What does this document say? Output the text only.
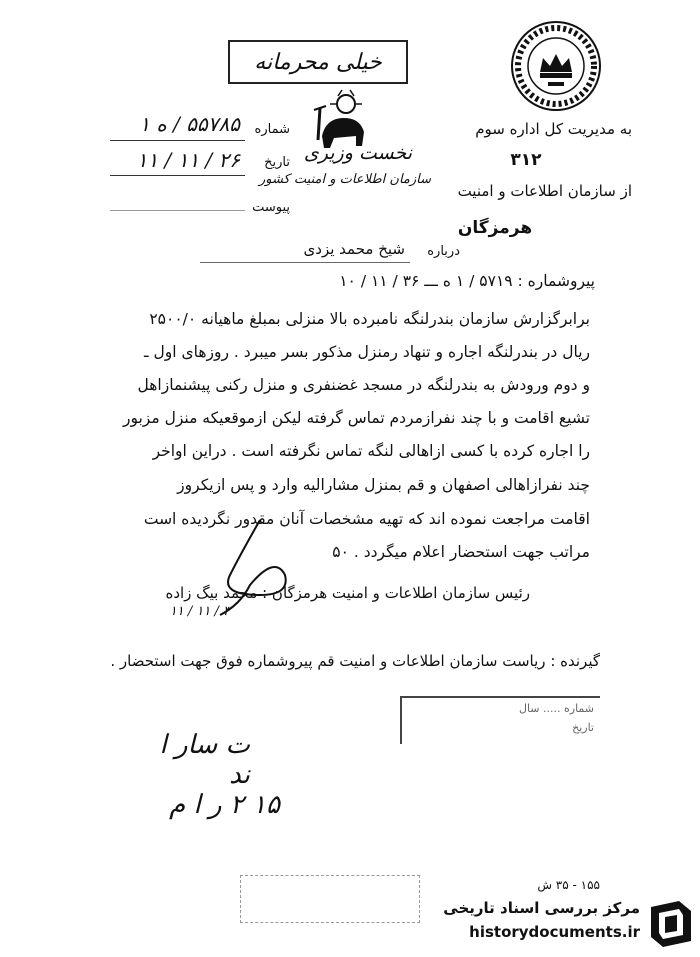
خیلی محرمانه
نخست وزیری
سازمان اطلاعات و امنیت کشور
شماره
۵۵۷۸۵ / ه ۱
تاریخ
۲۶ / ۱۱ / ۱۱
پیوست
به مدیریت کل اداره سوم
۳۱۲
از سازمان اطلاعات و امنیت
هرمزگان
درباره
شیخ محمد یزدی
پیروشماره : ۵۷۱۹ / ۱ ه ـــ ۳۶ / ۱۱ / ۱۰
برابرگزارش سازمان بندرلنگه نامبرده بالا منزلی بمبلغ ماهیانه ۲۵۰۰/۰
ریال در بندرلنگه اجاره و تنهاد رمنزل مذکور بسر میبرد . روزهای اول ـ
و دوم ورودش به بندرلنگه در مسجد غضنفری و منزل رکنی پیشنمازاهل
تشیع اقامت و با چند نفرازمردم تماس گرفته لیکن ازموقعیکه منزل مزبور
را اجاره کرده با کسی ازاهالی لنگه تماس نگرفته است . دراین اواخر
چند نفرازاهالی اصفهان و قم بمنزل مشارالیه وارد و پس ازیکروز
اقامت مراجعت نموده اند که تهیه مشخصات آنان مقدور نگردیده است
مراتب جهت استحضار اعلام میگردد . ۵۰
رئیس سازمان اطلاعات و امنیت هرمزگان : محمد بیگ زاده
۳ / ۱۱ / ۱۱
گیرنده : ریاست سازمان اطلاعات و امنیت قم پیروشماره فوق جهت استحضار .
شماره ..... سال
تاریخ
ت سار ا ند
۱۵ ۲ ر ا م
۱۵۵ - ۳۵ ش
مرکز بررسی اسناد تاریخی
historydocuments.ir
